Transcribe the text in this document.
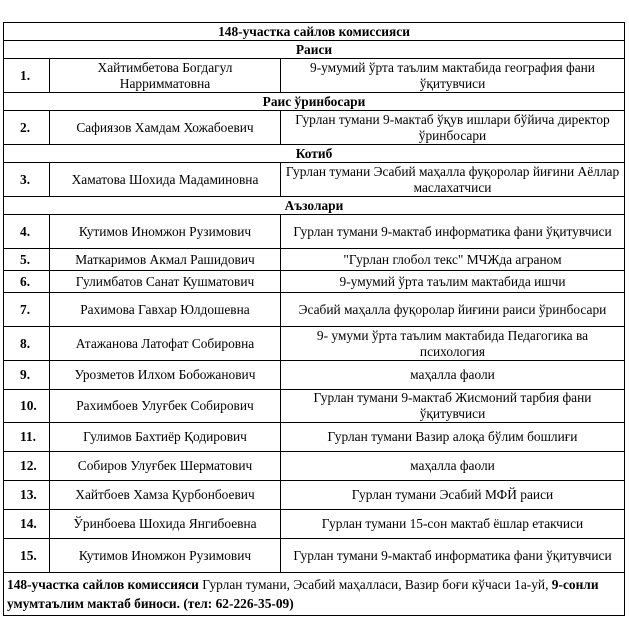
148-участка сайлов комиссияси		
Раиси		
1.	Хайтимбетова Богдагул Нарримматовна	9-умумий ўрта таълим мактабида география фани ўқитувчиси
Раис ўринбосари		
2.	Сафиязов Хамдам Хожабоевич	Гурлан тумани 9-мактаб ўқув ишлари бўйича директор ўринбосари
Котиб		
3.	Хаматова Шохида Мадаминовна	Гурлан тумани Эсабий маҳалла фуқоролар йиғини Аёллар маслахатчиси
Аъзолари		
4.	Кутимов Иномжон Рузимович	Гурлан тумани 9-мактаб информатика фани ўқитувчиси
5.	Маткаримов Акмал Рашидович	"Гурлан глобол текс" МЧЖда аграном
6.	Гулимбатов Санат Кушматович	9-умумий ўрта таълим мактабида ишчи
7.	Рахимова Гавхар Юлдошевна	Эсабий маҳалла фуқоролар йиғини раиси ўринбосари
8.	Атажанова Латофат Собировна	9- умуми ўрта таълим мактабида Педагогика ва психология
9.	Урозметов Илхом Бобожанович	маҳалла фаоли
10.	Рахимбоев Улуғбек Собирович	Гурлан тумани 9-мактаб Жисмоний тарбия фани ўқитувчиси
11.	Гулимов Бахтиёр Қодирович	Гурлан тумани Вазир алоқа бўлим бошлиғи
12.	Собиров Улуғбек Шерматович	маҳалла фаоли
13.	Хайтбоев Хамза Қурбонбоевич	Гурлан тумани Эсабий МФЙ раиси
14.	Ўринбоева Шохида Янгибоевна	Гурлан тумани 15-сон мактаб ёшлар етакчиси
15.	Кутимов Иномжон Рузимович	Гурлан тумани 9-мактаб информатика фани ўқитувчиси
148-участка сайлов комиссияси Гурлан тумани, Эсабий маҳалласи, Вазир боғи кўчаси 1а-уй, 9-сонли умумтаълим мактаб биноси. (тел: 62-226-35-09)		
